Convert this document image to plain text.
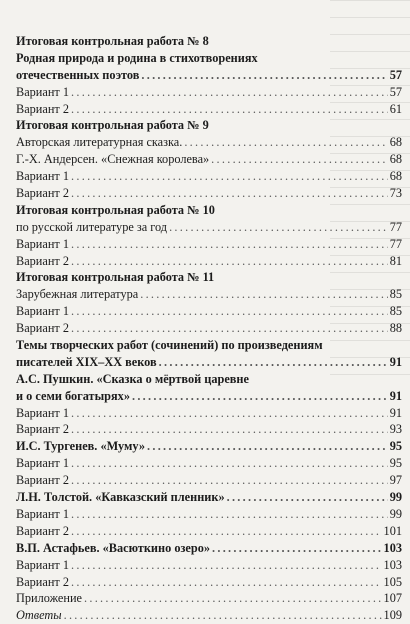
Итоговая контрольная работа № 8
Родная природа и родина в стихотворениях
отечественных поэтов . . .	57
Вариант 1 . . .	57
Вариант 2 . . .	61
Итоговая контрольная работа № 9
Авторская литературная сказка. . . .	68
Г.-Х. Андерсен. «Снежная королева» . . .	68
Вариант 1 . . .	68
Вариант 2 . . .	73
Итоговая контрольная работа № 10
по русской литературе за год . . .	77
Вариант 1 . . .	77
Вариант 2 . . .	81
Итоговая контрольная работа № 11
Зарубежная литература . . .	85
Вариант 1 . . .	85
Вариант 2 . . .	88
Темы творческих работ (сочинений) по произведениям
писателей XIX–XX веков . . .	91
А.С. Пушкин. «Сказка о мёртвой царевне
и о семи богатырях» . . .	91
Вариант 1 . . .	91
Вариант 2 . . .	93
И.С. Тургенев. «Муму» . . .	95
Вариант 1 . . .	95
Вариант 2 . . .	97
Л.Н. Толстой. «Кавказский пленник» . . .	99
Вариант 1 . . .	99
Вариант 2 . . .	101
В.П. Астафьев. «Васюткино озеро» . . .	103
Вариант 1 . . .	103
Вариант 2 . . .	105
Приложение . . .	107
Ответы . . .	109
